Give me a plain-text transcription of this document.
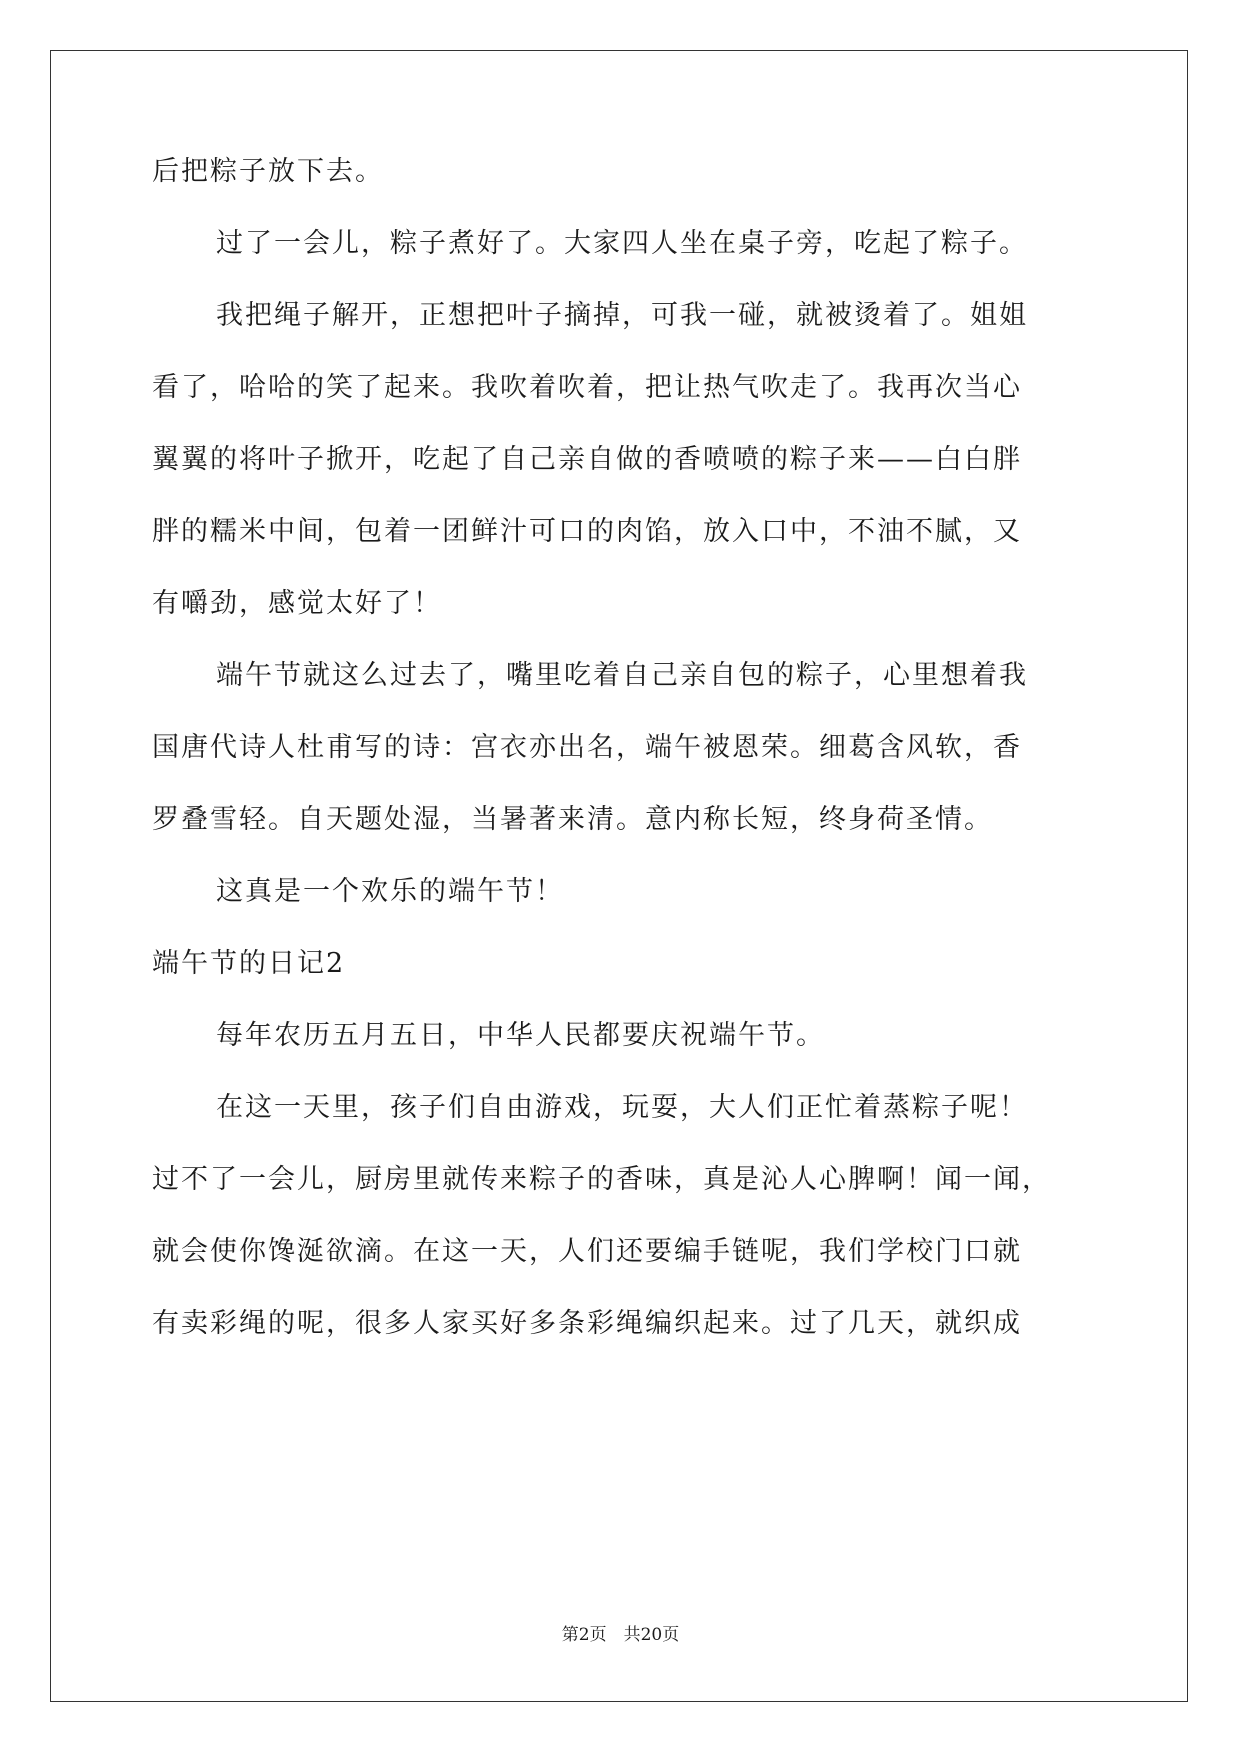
后把粽子放下去。
过了一会儿，粽子煮好了。大家四人坐在桌子旁，吃起了粽子。
我把绳子解开，正想把叶子摘掉，可我一碰，就被烫着了。姐姐
看了，哈哈的笑了起来。我吹着吹着，把让热气吹走了。我再次当心
翼翼的将叶子掀开，吃起了自己亲自做的香喷喷的粽子来——白白胖
胖的糯米中间，包着一团鲜汁可口的肉馅，放入口中，不油不腻，又
有嚼劲，感觉太好了！
端午节就这么过去了，嘴里吃着自己亲自包的粽子，心里想着我
国唐代诗人杜甫写的诗：宫衣亦出名，端午被恩荣。细葛含风软，香
罗叠雪轻。自天题处湿，当暑著来清。意内称长短，终身荷圣情。
这真是一个欢乐的端午节！
端午节的日记2
每年农历五月五日，中华人民都要庆祝端午节。
在这一天里，孩子们自由游戏，玩耍，大人们正忙着蒸粽子呢！
过不了一会儿，厨房里就传来粽子的香味，真是沁人心脾啊！闻一闻，
就会使你馋涎欲滴。在这一天，人们还要编手链呢，我们学校门口就
有卖彩绳的呢，很多人家买好多条彩绳编织起来。过了几天，就织成
第2页　共20页
